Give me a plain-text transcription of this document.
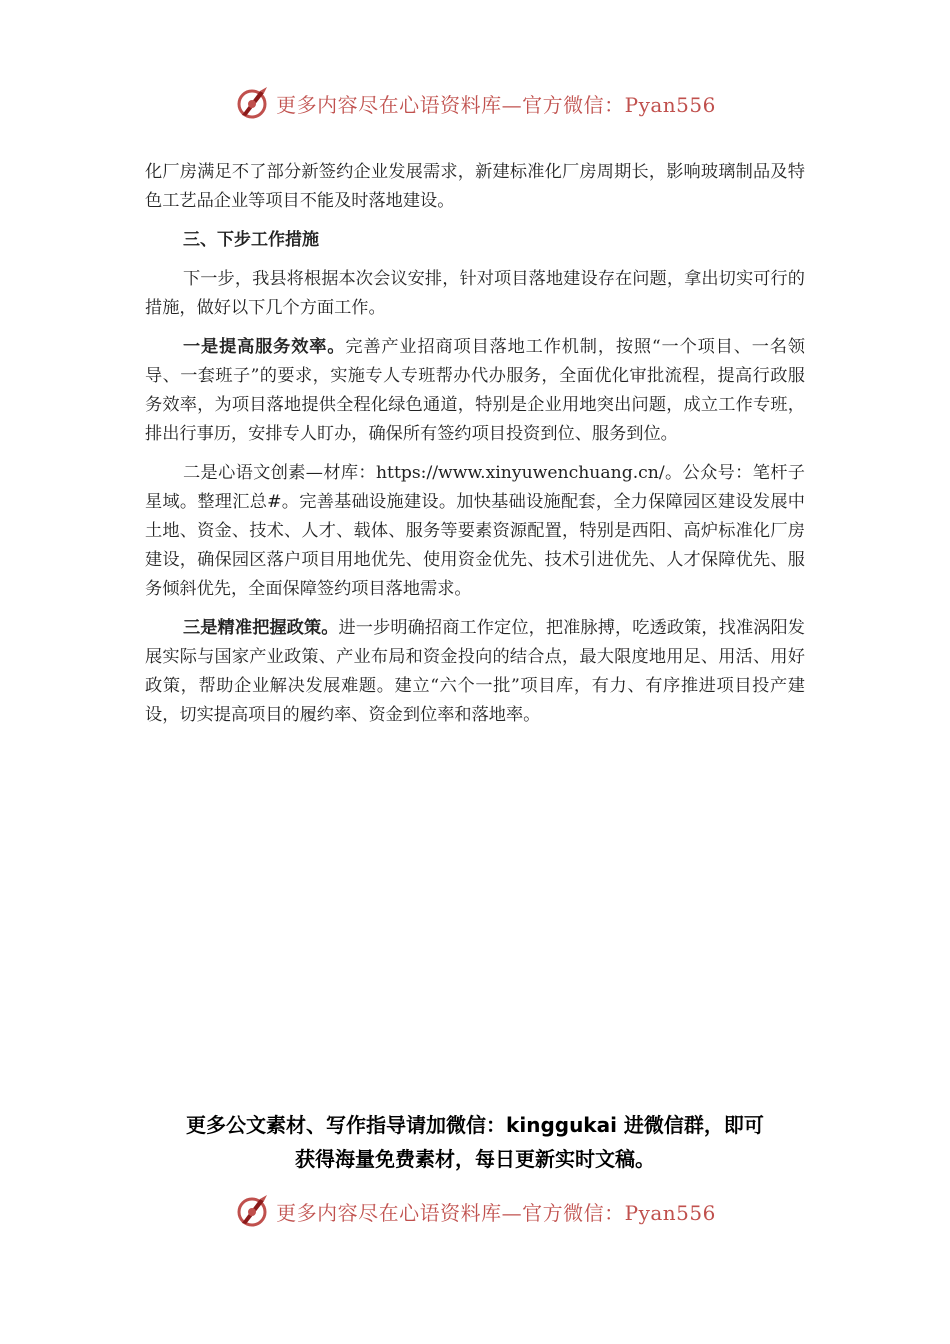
更多内容尽在心语资料库—官方微信：Pyan556

化厂房满足不了部分新签约企业发展需求，新建标准化厂房周期长，影响玻璃制品及特色工艺品企业等项目不能及时落地建设。

三、下步工作措施

下一步，我县将根据本次会议安排，针对项目落地建设存在问题，拿出切实可行的措施，做好以下几个方面工作。

一是提高服务效率。完善产业招商项目落地工作机制，按照“一个项目、一名领导、一套班子”的要求，实施专人专班帮办代办服务，全面优化审批流程，提高行政服务效率，为项目落地提供全程化绿色通道，特别是企业用地突出问题，成立工作专班，排出行事历，安排专人盯办，确保所有签约项目投资到位、服务到位。

二是心语文创素—材库：https://www.xinyuwenchuang.cn/。公众号：笔杆子星域。整理汇总#。完善基础设施建设。加快基础设施配套，全力保障园区建设发展中土地、资金、技术、人才、载体、服务等要素资源配置，特别是西阳、高炉标准化厂房建设，确保园区落户项目用地优先、使用资金优先、技术引进优先、人才保障优先、服务倾斜优先，全面保障签约项目落地需求。

三是精准把握政策。进一步明确招商工作定位，把准脉搏，吃透政策，找准涡阳发展实际与国家产业政策、产业布局和资金投向的结合点，最大限度地用足、用活、用好政策，帮助企业解决发展难题。建立“六个一批”项目库，有力、有序推进项目投产建设，切实提高项目的履约率、资金到位率和落地率。

更多公文素材、写作指导请加微信：kinggukai 进微信群，即可
获得海量免费素材，每日更新实时文稿。
更多内容尽在心语资料库—官方微信：Pyan556
